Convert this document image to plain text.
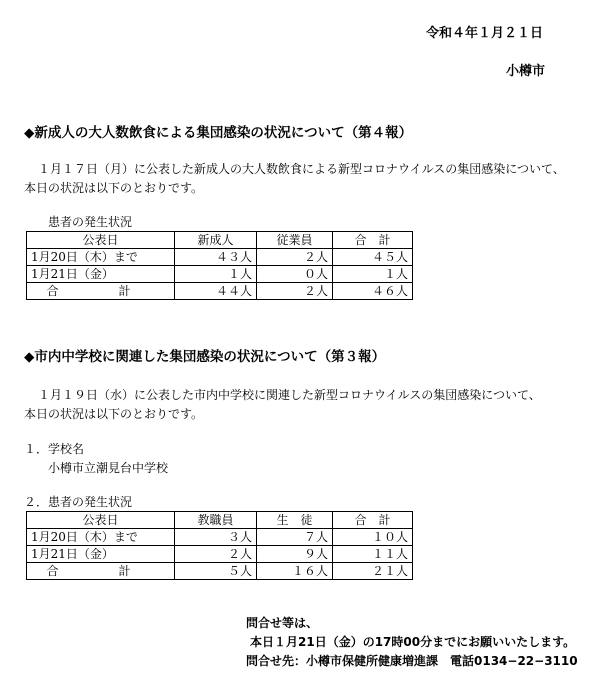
令和４年１月２１日
小樽市
◆新成人の大人数飲食による集団感染の状況について（第４報）
１月１７日（月）に公表した新成人の大人数飲食による新型コロナウイルスの集団感染について、
本日の状況は以下のとおりです。
患者の発生状況
公表日	新成人	従業員	合　計
1月20日（木）まで	４３人	２人	４５人
1月21日（金）	１人	０人	１人
合　計	４４人	２人	４６人
◆市内中学校に関連した集団感染の状況について（第３報）
１月１９日（水）に公表した市内中学校に関連した新型コロナウイルスの集団感染について、
本日の状況は以下のとおりです。
１．学校名
小樽市立潮見台中学校
２．患者の発生状況
公表日	教職員	生　徒	合　計
1月20日（木）まで	３人	７人	１０人
1月21日（金）	２人	９人	１１人
合　計	５人	１６人	２１人
問合せ等は、
本日１月21日（金）の17時00分までにお願いいたします。
問合せ先：小樽市保健所健康増進課　電話0134−22−3110
